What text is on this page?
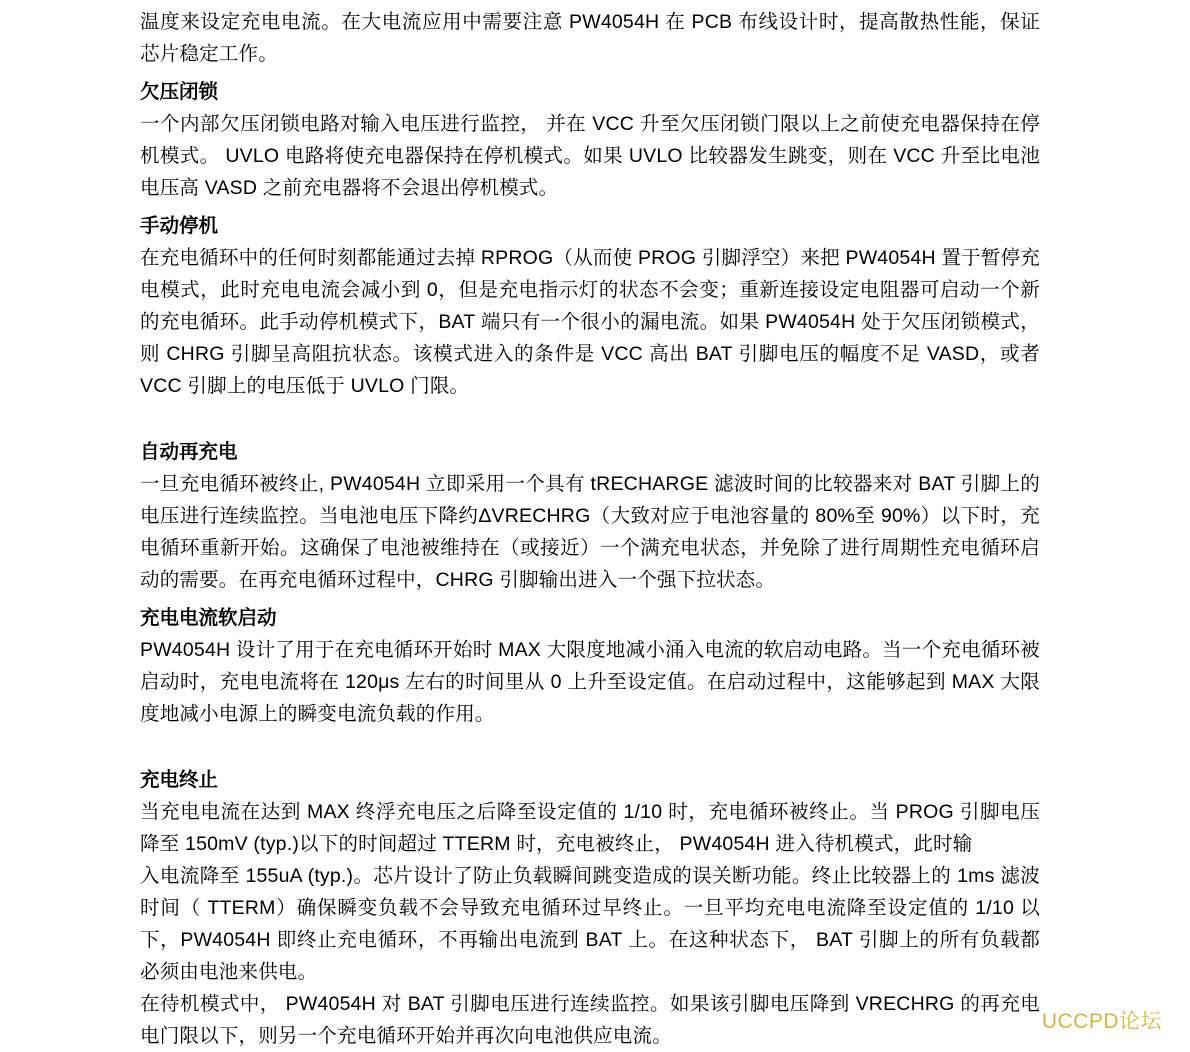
温度来设定充电电流。在大电流应用中需要注意 PW4054H 在 PCB 布线设计时，提高散热性能，保证芯片稳定工作。

欠压闭锁

一个内部欠压闭锁电路对输入电压进行监控， 并在 VCC 升至欠压闭锁门限以上之前使充电器保持在停机模式。 UVLO 电路将使充电器保持在停机模式。如果 UVLO 比较器发生跳变，则在 VCC 升至比电池电压高 VASD 之前充电器将不会退出停机模式。

手动停机

在充电循环中的任何时刻都能通过去掉 RPROG（从而使 PROG 引脚浮空）来把 PW4054H 置于暂停充电模式，此时充电电流会减小到 0，但是充电指示灯的状态不会变；重新连接设定电阻器可启动一个新的充电循环。此手动停机模式下，BAT 端只有一个很小的漏电流。如果 PW4054H 处于欠压闭锁模式，则 CHRG 引脚呈高阻抗状态。该模式进入的条件是 VCC 高出 BAT 引脚电压的幅度不足 VASD，或者 VCC 引脚上的电压低于 UVLO 门限。

自动再充电

一旦充电循环被终止, PW4054H 立即采用一个具有 tRECHARGE 滤波时间的比较器来对 BAT 引脚上的电压进行连续监控。当电池电压下降约ΔVRECHRG（大致对应于电池容量的 80%至 90%）以下时，充电循环重新开始。这确保了电池被维持在（或接近）一个满充电状态，并免除了进行周期性充电循环启动的需要。在再充电循环过程中，CHRG 引脚输出进入一个强下拉状态。

充电电流软启动

PW4054H 设计了用于在充电循环开始时 MAX 大限度地减小涌入电流的软启动电路。当一个充电循环被启动时，充电电流将在 120μs 左右的时间里从 0 上升至设定值。在启动过程中，这能够起到 MAX 大限度地减小电源上的瞬变电流负载的作用。

充电终止

当充电电流在达到 MAX 终浮充电压之后降至设定值的 1/10 时，充电循环被终止。当 PROG 引脚电压降至 150mV (typ.)以下的时间超过 TTERM 时，充电被终止， PW4054H 进入待机模式，此时输

入电流降至 155uA (typ.)。芯片设计了防止负载瞬间跳变造成的误关断功能。终止比较器上的 1ms 滤波时间（ TTERM）确保瞬变负载不会导致充电循环过早终止。一旦平均充电电流降至设定值的 1/10 以下，PW4054H 即终止充电循环，不再输出电流到 BAT 上。在这种状态下， BAT 引脚上的所有负载都必须由电池来供电。

在待机模式中， PW4054H 对 BAT 引脚电压进行连续监控。如果该引脚电压降到 VRECHRG 的再充电电门限以下，则另一个充电循环开始并再次向电池供应电流。

UCCPD论坛
